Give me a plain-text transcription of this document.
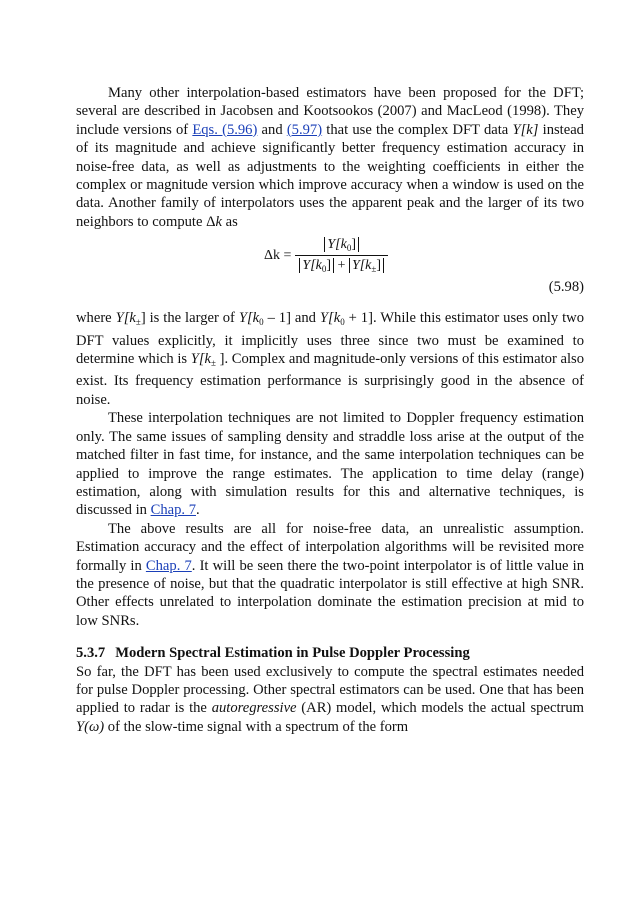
Many other interpolation-based estimators have been proposed for the DFT; several are described in Jacobsen and Kootsookos (2007) and MacLeod (1998). They include versions of Eqs. (5.96) and (5.97) that use the complex DFT data Y[k] instead of its magnitude and achieve significantly better frequency estimation accuracy in noise-free data, as well as adjustments to the weighting coefficients in either the complex or magnitude version which improve accuracy when a window is used on the data. Another family of interpolators uses the apparent peak and the larger of its two neighbors to compute Δk as

$\Delta k = \frac{Y[k_0]}{Y[k_0] + Y[k_\pm]}$
(5.98)

where $Y[k_\pm]$ is the larger of $Y[k_0 - 1]$ and $Y[k_0 + 1]$. While this estimator uses only two DFT values explicitly, it implicitly uses three since two must be examined to determine which is $Y[k_\pm$ ]. Complex and magnitude-only versions of this estimator also exist. Its frequency estimation performance is surprisingly good in the absence of noise.

These interpolation techniques are not limited to Doppler frequency estimation only. The same issues of sampling density and straddle loss arise at the output of the matched filter in fast time, for instance, and the same interpolation techniques can be applied to improve the range estimates. The application to time delay (range) estimation, along with simulation results for this and alternative techniques, is discussed in Chap. 7.

The above results are all for noise-free data, an unrealistic assumption. Estimation accuracy and the effect of interpolation algorithms will be revisited more formally in Chap. 7. It will be seen there the two-point interpolator is of little value in the presence of noise, but that the quadratic interpolator is still effective at high SNR. Other effects unrelated to interpolation dominate the estimation precision at mid to low SNRs.

5.3.7 Modern Spectral Estimation in Pulse Doppler Processing

So far, the DFT has been used exclusively to compute the spectral estimates needed for pulse Doppler processing. Other spectral estimators can be used. One that has been applied to radar is the autoregressive (AR) model, which models the actual spectrum Y(ω) of the slow-time signal with a spectrum of the form
